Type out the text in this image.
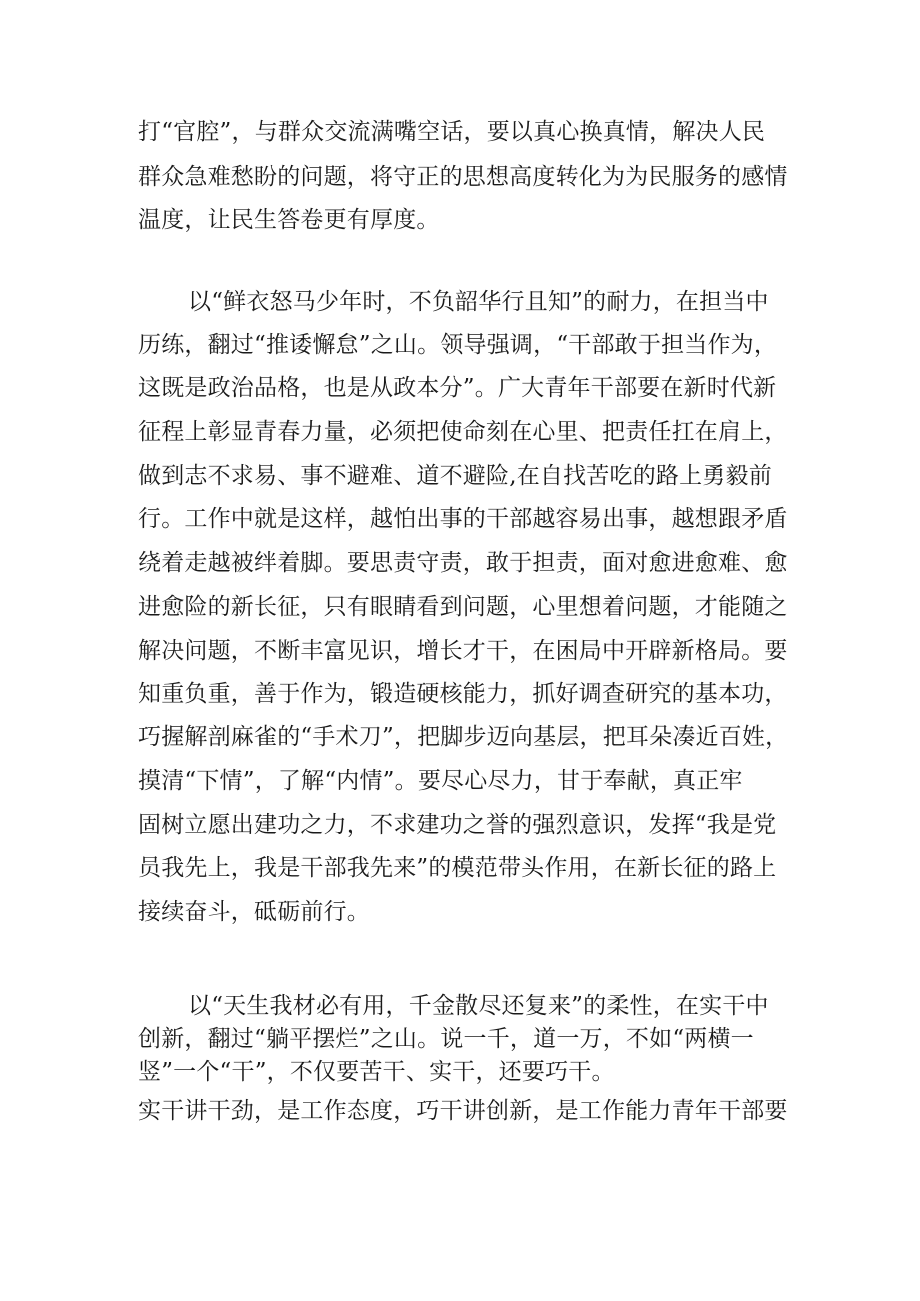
打“官腔”，与群众交流满嘴空话，要以真心换真情，解决人民
群众急难愁盼的问题，将守正的思想高度转化为为民服务的感情
温度，让民生答卷更有厚度。
以“鲜衣怒马少年时，不负韶华行且知”的耐力，在担当中
历练，翻过“推诿懈怠”之山。领导强调，“干部敢于担当作为，
这既是政治品格，也是从政本分”。广大青年干部要在新时代新
征程上彰显青春力量，必须把使命刻在心里、把责任扛在肩上，
做到志不求易、事不避难、道不避险,在自找苦吃的路上勇毅前
行。工作中就是这样，越怕出事的干部越容易出事，越想跟矛盾
绕着走越被绊着脚。要思责守责，敢于担责，面对愈进愈难、愈
进愈险的新长征，只有眼睛看到问题，心里想着问题，才能随之
解决问题，不断丰富见识，增长才干，在困局中开辟新格局。要
知重负重，善于作为，锻造硬核能力，抓好调查研究的基本功，
巧握解剖麻雀的“手术刀”，把脚步迈向基层，把耳朵凑近百姓，
摸清“下情”，了解“内情”。要尽心尽力，甘于奉献，真正牢
固树立愿出建功之力，不求建功之誉的强烈意识，发挥“我是党
员我先上，我是干部我先来”的模范带头作用，在新长征的路上
接续奋斗，砥砺前行。
以“天生我材必有用，千金散尽还复来”的柔性，在实干中
创新，翻过“躺平摆烂”之山。说一千，道一万，不如“两横一
竖”一个“干”，不仅要苦干、实干，还要巧干。
实干讲干劲，是工作态度，巧干讲创新，是工作能力青年干部要
